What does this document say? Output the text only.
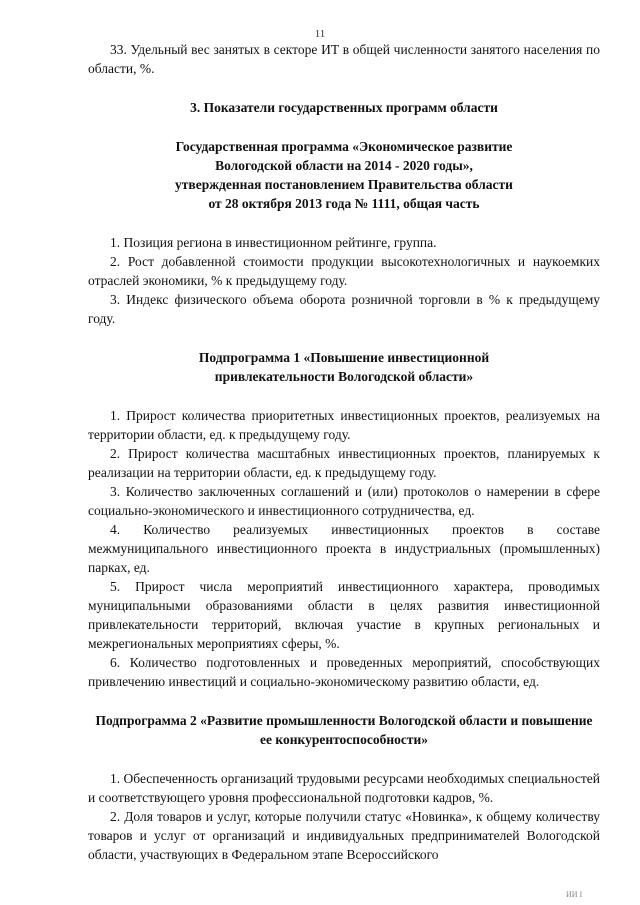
11

33. Удельный вес занятых в секторе ИТ в общей численности занятого населения по области, %.

3. Показатели государственных программ области

Государственная программа «Экономическое развитие

Вологодской области на 2014 - 2020 годы»,

утвержденная постановлением Правительства области

от 28 октября 2013 года № 1111, общая часть

1. Позиция региона в инвестиционном рейтинге, группа.

2. Рост добавленной стоимости продукции высокотехнологичных и наукоемких отраслей экономики, % к предыдущему году.

3. Индекс физического объема оборота розничной торговли в % к предыдущему году.

Подпрограмма 1 «Повышение инвестиционной

привлекательности Вологодской области»

1. Прирост количества приоритетных инвестиционных проектов, реализуемых на территории области, ед. к предыдущему году.

2. Прирост количества масштабных инвестиционных проектов, планируемых к реализации на территории области, ед. к предыдущему году.

3. Количество заключенных соглашений и (или) протоколов о намерении в сфере социально-экономического и инвестиционного сотрудничества, ед.

4. Количество реализуемых инвестиционных проектов в составе межмуниципального инвестиционного проекта в индустриальных (промышленных) парках, ед.

5. Прирост числа мероприятий инвестиционного характера, проводимых муниципальными образованиями области в целях развития инвестиционной привлекательности территорий, включая участие в крупных региональных и межрегиональных мероприятиях сферы, %.

6. Количество подготовленных и проведенных мероприятий, способствующих привлечению инвестиций и социально-экономическому развитию области, ед.

Подпрограмма 2 «Развитие промышленности Вологодской области и повышение ее конкурентоспособности»

1. Обеспеченность организаций трудовыми ресурсами необходимых специальностей и соответствующего уровня профессиональной подготовки кадров, %.

2. Доля товаров и услуг, которые получили статус «Новинка», к общему количеству товаров и услуг от организаций и индивидуальных предпринимателей Вологодской области, участвующих в Федеральном этапе Всероссийского

ИИ I
